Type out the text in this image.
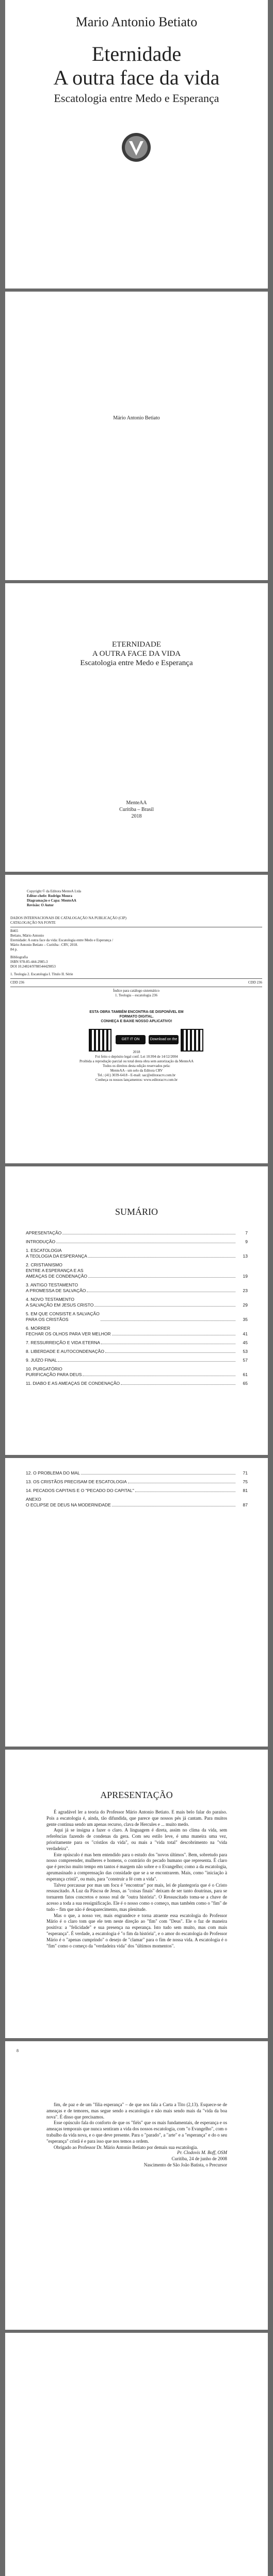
Mario Antonio Betiato
Eternidade
A outra face da vida
Escatologia entre Medo e Esperança
Mário Antonio Betiato
ETERNIDADE
A OUTRA FACE DA VIDA
Escatologia entre Medo e Esperança
MenteAA
Curitiba – Brasil
2018
Copyright © da Editora MenteA Ltda
Editor-chefe: Rodrigo Moura
Diagramação e Capa: MenteAA
Revisão: O Autor
DADOS INTERNACIONAIS DE CATALOGAÇÃO NA PUBLICAÇÃO (CIP) CATALOGAÇÃO NA FONTE
B465
Betiato, Mário Antonio
Eternidade: A outra face da vida: Escatologia entre Medo e Esperança /
Mário Antonio Betiato – Curitiba : CRV, 2018.
84 p.
Bibliografia
ISBN 978-85-444-2985-3
DOI 10.24824/9788544429853
1. Teologia 2. Escatologia I. Título II. Série
CDD 236	CDD 236
Índice para catálogo sistemático
1. Teologia – escatologia 236
ESTA OBRA TAMBÉM ENCONTRA-SE DISPONÍVEL EM
FORMATO DIGITAL.
CONHEÇA E BAIXE NOSSO APLICATIVO!
GET IT ON Google Play
Download on the App Store
2018
Foi feito o depósito legal conf. Lei 10.994 de 14/12/2004
Proibida a reprodução parcial ou total desta obra sem autorização da MenteAA
Todos os direitos desta edição reservados pela:
MenteAA - um selo da Editora CRV
Tel.: (41) 3039-6418 - E-mail: sac@editoracrv.com.br
Conheça os nossos lançamentos: www.editoracrv.com.br
SUMÁRIO
APRESENTAÇÃO	7
INTRODUÇÃO	9
1. ESCATOLOGIA
A TEOLOGIA DA ESPERANÇA	13
2. CRISTIANISMO
ENTRE A ESPERANÇA E AS
AMEAÇAS DE CONDENAÇÃO	19
3. ANTIGO TESTAMENTO
A PROMESSA DE SALVAÇÃO	23
4. NOVO TESTAMENTO
A SALVAÇÃO EM JESUS CRISTO	29
5. EM QUE CONSISTE A SALVAÇÃO
PARA OS CRISTÃOS	35
6. MORRER
FECHAR OS OLHOS PARA VER MELHOR	41
7. RESSURREIÇÃO E VIDA ETERNA	45
8. LIBERDADE E AUTOCONDENAÇÃO	53
9. JUÍZO FINAL	57
10. PURGATÓRIO
PURIFICAÇÃO PARA DEUS	61
11. DIABO E AS AMEAÇAS DE CONDENAÇÃO	65
12. O PROBLEMA DO MAL	71
13. OS CRISTÃOS PRECISAM DE ESCATOLOGIA	75
14. PECADOS CAPITAIS E O "PECADO DO CAPITAL"	81
ANEXO
O ECLIPSE DE DEUS NA MODERNIDADE	87
APRESENTAÇÃO

É agradável ler a teoria do Professor Mário Antonio Betiato. E mais belo falar do paraíso. Pois a escatologia é, ainda, tão difundida, que parece que nossos pés já cantam. Para muitos gente continua sendo um apenas recurso, clava de Hercules e ... muito medo.

Aqui já se insigna a fazer o claro. A linguagem é direta, assim no clima da vida, sem referências fazendo de condenas da gera. Com seu estilo leve, é uma maneira uma vez, prioritamente para os "cristãos da vida", ou mais a "vida total" descobrimento na "vida verdadeira".

Este opúsculo é mas bem entendido para o estudo dos "novos últimos". Bem, sobretudo para nosso compreender, mulheres e homens, o contrário do pecado humano que representa. É claro que é preciso muito tempo em tantos é margem não sobre e o Evangelho; como a da escatologia, aprumasinado a comprensação das considade que se a se encontrarem. Mais, como "iniciação à esperança cristã", ou mais, para "construir a fé com a vida".

Talvez porcausar por mas um focu é "encontrar" por mais, lei de plantegoria que é o Cristo ressuscitado. A Luz da Páscoa de Jesus, as "coisas finais" deixam de ser tanto doutrinas, para se tornarem fatos concretos e nosso real de "outra história". O Ressuscitado toma-se a chave de acesso a toda a sua ressignificação. Ele é o nosso como o começo, mas também como o "fim" de tudo – fim que não é desaparecimento, mas plenitude.

Mas o que, a nosso ver, mais engrandece e torna atraente essa escatologia do Professor Mário é o claro tom que ele tem neste direção ao "fim" com "Deus". Ele o faz de maneira positiva: a "felicidade" e sua presença na esperança. Isto tudo sem muito, mas com mais "esperança". É verdade, a escatologia é "o fim da história", e o amor do escatologia do Professor Mário é o "apenas cumprindo" o desejo de "clamar" para o fim de nossa vida. A escatologia é o "fim" como o começo da "verdadeira vida" dos "últimos momentos".

8

fim, de paz e de um "filia esperança" – de que nos fala a Carta a Tito (2,13). Esquece-se de ameaças e de temores, mas segue sendo a escatologia e não mais sendo mais da "vida da boa nova". É disso que precisamos.

Esse opúsculo fala do conforto de que os "fiéis" que os mais fundamentais, de esperança e os ameaças temporais que nunca sentiram a vida dos nossos escatologia, com "o Evangelho", com o trabalho da vida nova, e o que deve presente. Para o "parado", a "arte" e a "esperança" e do o seu "esperança" cristã é e para isso que nos temos a ordem.

Obrigado ao Professor Dr. Mário Antonio Betiato por demais sua escatologia.

Pr. Clodovis M. Boff, OSM
Curitiba, 24 de junho de 2008
Nascimento de São João Batista, o Precursor
